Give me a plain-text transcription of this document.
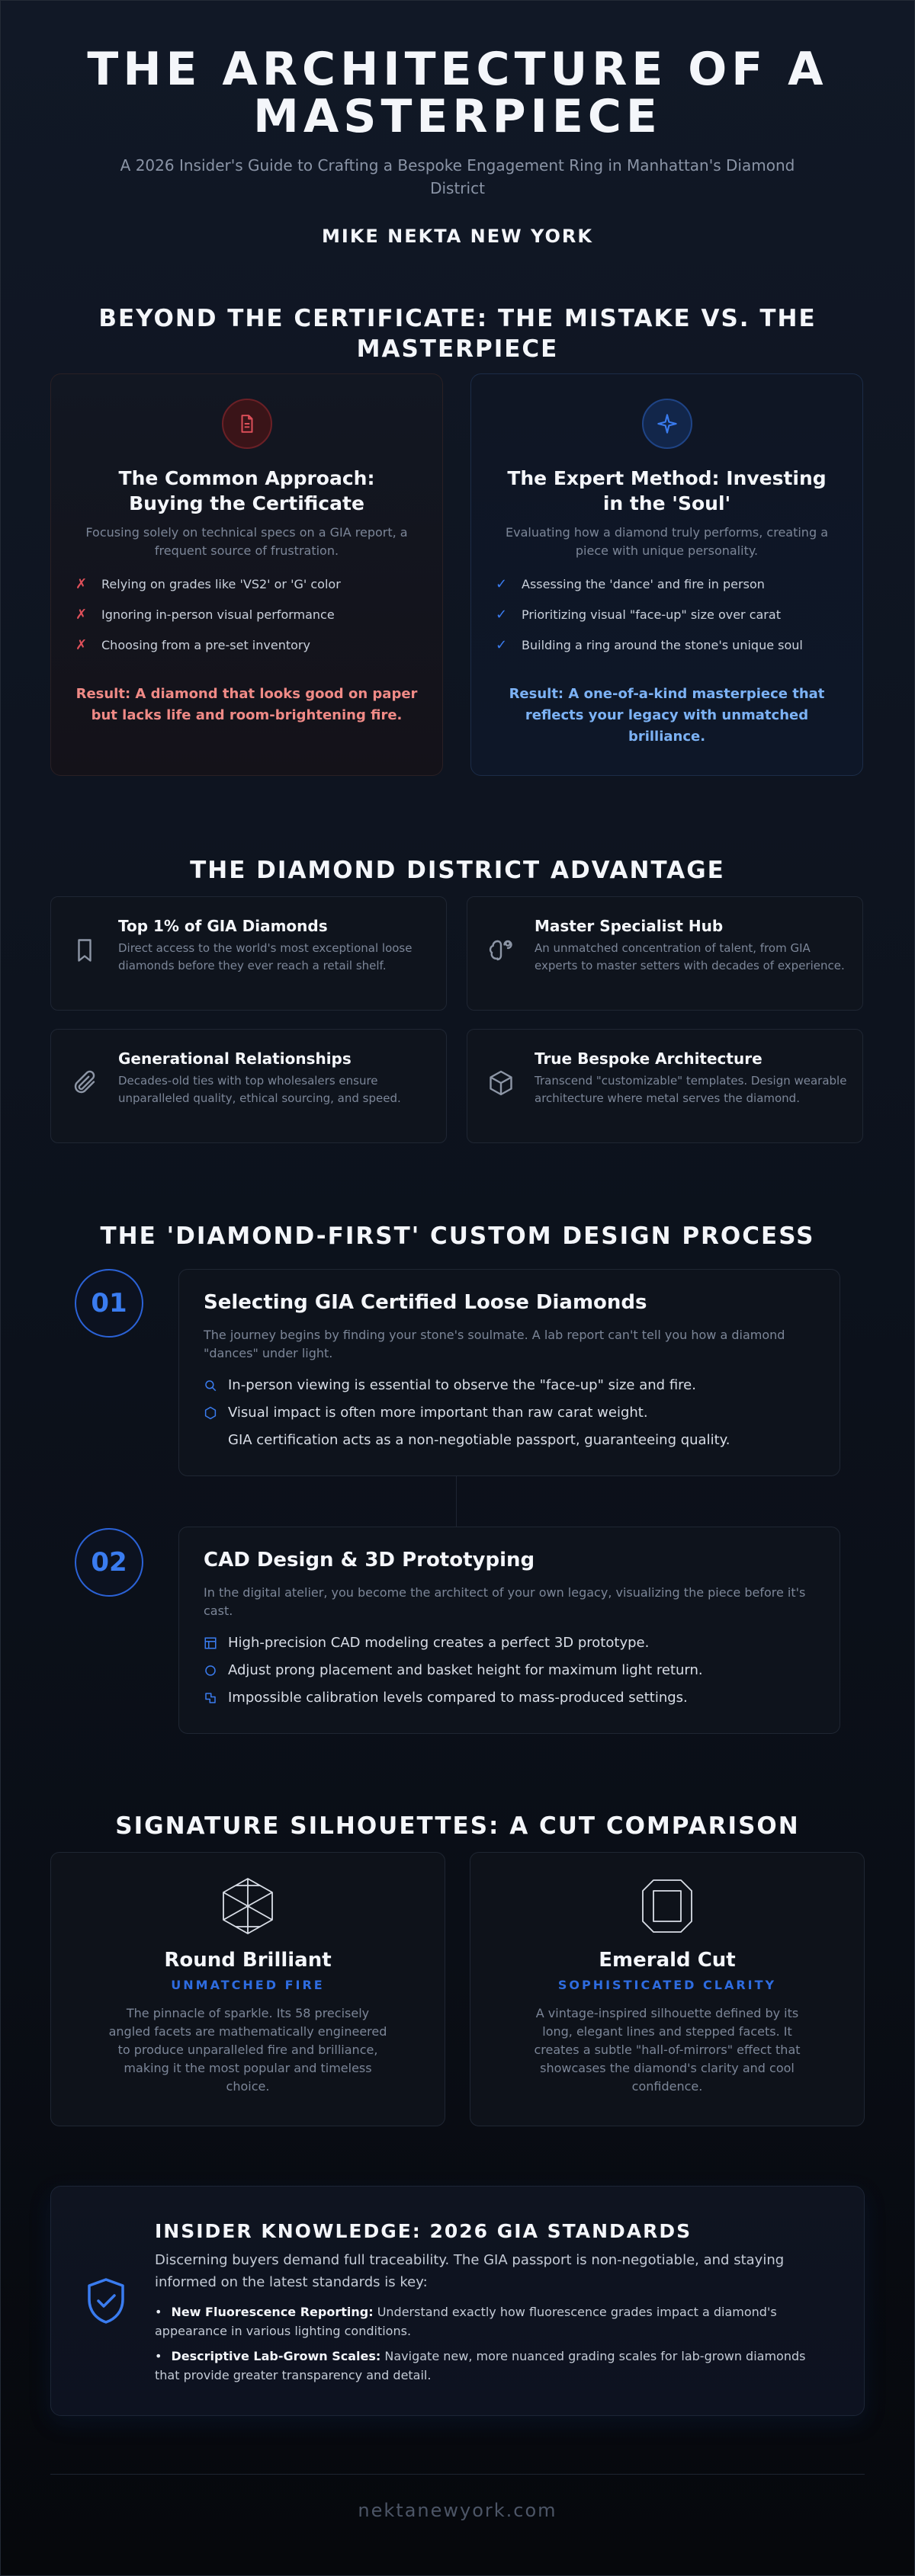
THE ARCHITECTURE OF A MASTERPIECE
A 2026 Insider's Guide to Crafting a Bespoke Engagement Ring in Manhattan's Diamond District
MIKE NEKTA NEW YORK
BEYOND THE CERTIFICATE: THE MISTAKE VS. THE MASTERPIECE
The Common Approach: Buying the Certificate
Focusing solely on technical specs on a GIA report, a frequent source of frustration.
✗	Relying on grades like 'VS2' or 'G' color
✗	Ignoring in-person visual performance
✗	Choosing from a pre-set inventory
Result: A diamond that looks good on paper but lacks life and room-brightening fire.
The Expert Method: Investing in the 'Soul'
Evaluating how a diamond truly performs, creating a piece with unique personality.
✓	Assessing the 'dance' and fire in person
✓	Prioritizing visual "face-up" size over carat
✓	Building a ring around the stone's unique soul
Result: A one-of-a-kind masterpiece that reflects your legacy with unmatched brilliance.
THE DIAMOND DISTRICT ADVANTAGE
Top 1% of GIA Diamonds
Direct access to the world's most exceptional loose diamonds before they ever reach a retail shelf.
Master Specialist Hub
An unmatched concentration of talent, from GIA experts to master setters with decades of experience.
Generational Relationships
Decades-old ties with top wholesalers ensure unparalleled quality, ethical sourcing, and speed.
True Bespoke Architecture
Transcend "customizable" templates. Design wearable architecture where metal serves the diamond.
THE 'DIAMOND-FIRST' CUSTOM DESIGN PROCESS
01	Selecting GIA Certified Loose Diamonds
The journey begins by finding your stone's soulmate. A lab report can't tell you how a diamond "dances" under light.
In-person viewing is essential to observe the "face-up" size and fire.
Visual impact is often more important than raw carat weight.
GIA certification acts as a non-negotiable passport, guaranteeing quality.
02	CAD Design & 3D Prototyping
In the digital atelier, you become the architect of your own legacy, visualizing the piece before it's cast.
High-precision CAD modeling creates a perfect 3D prototype.
Adjust prong placement and basket height for maximum light return.
Impossible calibration levels compared to mass-produced settings.
SIGNATURE SILHOUETTES: A CUT COMPARISON
Round Brilliant
UNMATCHED FIRE
The pinnacle of sparkle. Its 58 precisely angled facets are mathematically engineered to produce unparalleled fire and brilliance, making it the most popular and timeless choice.
Emerald Cut
SOPHISTICATED CLARITY
A vintage-inspired silhouette defined by its long, elegant lines and stepped facets. It creates a subtle "hall-of-mirrors" effect that showcases the diamond's clarity and cool confidence.
INSIDER KNOWLEDGE: 2026 GIA STANDARDS
Discerning buyers demand full traceability. The GIA passport is non-negotiable, and staying informed on the latest standards is key:
• New Fluorescence Reporting: Understand exactly how fluorescence grades impact a diamond's appearance in various lighting conditions.
• Descriptive Lab-Grown Scales: Navigate new, more nuanced grading scales for lab-grown diamonds that provide greater transparency and detail.
nektanewyork.com
